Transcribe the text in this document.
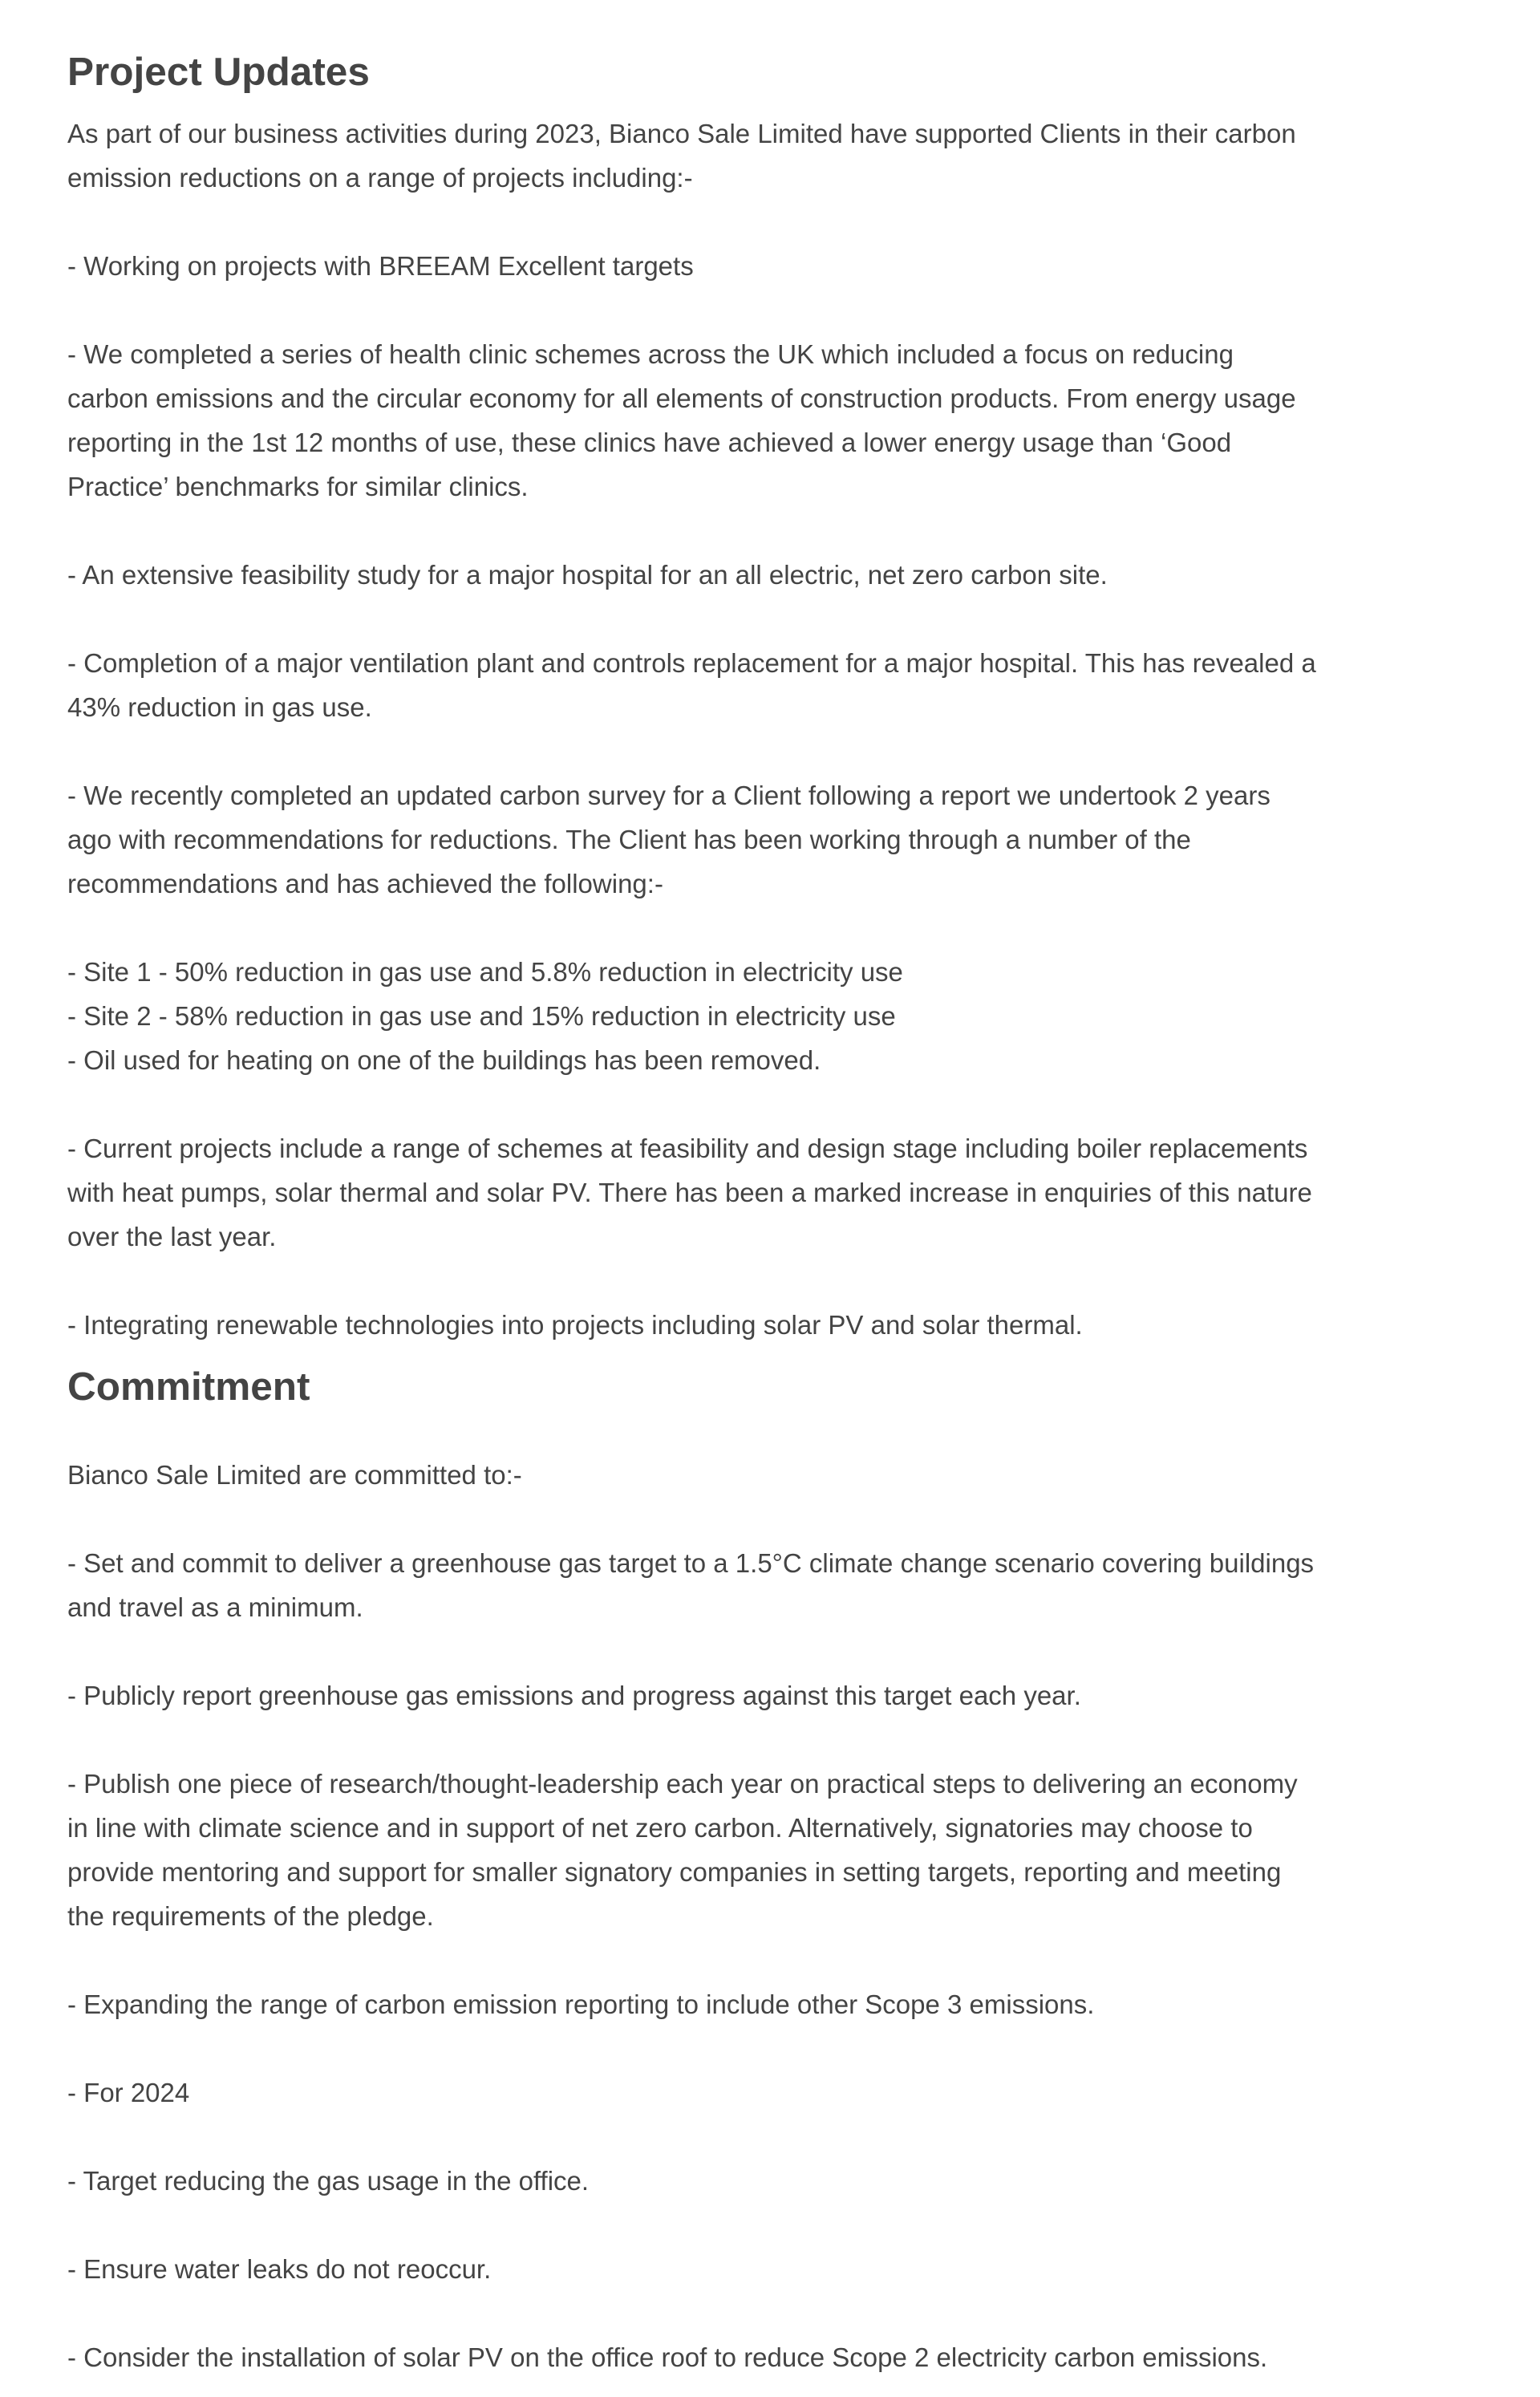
Project Updates

As part of our business activities during 2023, Bianco Sale Limited have supported Clients in their carbon emission reductions on a range of projects including:-

- Working on projects with BREEAM Excellent targets

- We completed a series of health clinic schemes across the UK which included a focus on reducing carbon emissions and the circular economy for all elements of construction products. From energy usage reporting in the 1st 12 months of use, these clinics have achieved a lower energy usage than ‘Good Practice’ benchmarks for similar clinics.

- An extensive feasibility study for a major hospital for an all electric, net zero carbon site.

- Completion of a major ventilation plant and controls replacement for a major hospital. This has revealed a 43% reduction in gas use.

- We recently completed an updated carbon survey for a Client following a report we undertook 2 years ago with recommendations for reductions. The Client has been working through a number of the recommendations and has achieved the following:-

- Site 1 - 50% reduction in gas use and 5.8% reduction in electricity use

- Site 2 - 58% reduction in gas use and 15% reduction in electricity use

- Oil used for heating on one of the buildings has been removed.

- Current projects include a range of schemes at feasibility and design stage including boiler replacements with heat pumps, solar thermal and solar PV. There has been a marked increase in enquiries of this nature over the last year.

- Integrating renewable technologies into projects including solar PV and solar thermal.

Commitment

Bianco Sale Limited are committed to:-

- Set and commit to deliver a greenhouse gas target to a 1.5°C climate change scenario covering buildings and travel as a minimum.

- Publicly report greenhouse gas emissions and progress against this target each year.

- Publish one piece of research/thought-leadership each year on practical steps to delivering an economy in line with climate science and in support of net zero carbon. Alternatively, signatories may choose to provide mentoring and support for smaller signatory companies in setting targets, reporting and meeting the requirements of the pledge.

- Expanding the range of carbon emission reporting to include other Scope 3 emissions.

- For 2024

- Target reducing the gas usage in the office.

- Ensure water leaks do not reoccur.

- Consider the installation of solar PV on the office roof to reduce Scope 2 electricity carbon emissions.
